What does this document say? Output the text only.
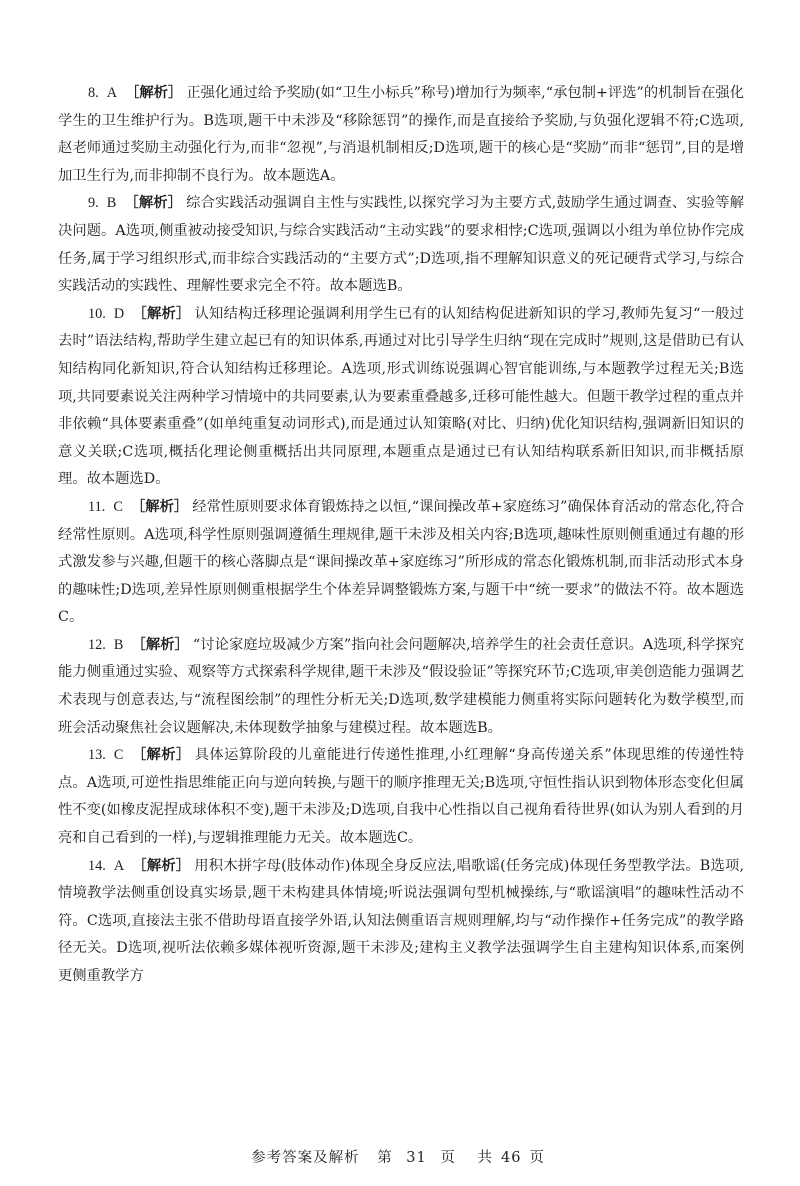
8. A ［解析］ 正强化通过给予奖励(如“卫生小标兵”称号)增加行为频率,“承包制+评选”的机制旨在强化学生的卫生维护行为。B选项,题干中未涉及“移除惩罚”的操作,而是直接给予奖励,与负强化逻辑不符;C选项,赵老师通过奖励主动强化行为,而非“忽视”,与消退机制相反;D选项,题干的核心是“奖励”而非“惩罚”,目的是增加卫生行为,而非抑制不良行为。故本题选A。

9. B ［解析］ 综合实践活动强调自主性与实践性,以探究学习为主要方式,鼓励学生通过调查、实验等解决问题。A选项,侧重被动接受知识,与综合实践活动“主动实践”的要求相悖;C选项,强调以小组为单位协作完成任务,属于学习组织形式,而非综合实践活动的“主要方式”;D选项,指不理解知识意义的死记硬背式学习,与综合实践活动的实践性、理解性要求完全不符。故本题选B。

10. D ［解析］ 认知结构迁移理论强调利用学生已有的认知结构促进新知识的学习,教师先复习“一般过去时”语法结构,帮助学生建立起已有的知识体系,再通过对比引导学生归纳“现在完成时”规则,这是借助已有认知结构同化新知识,符合认知结构迁移理论。A选项,形式训练说强调心智官能训练,与本题教学过程无关;B选项,共同要素说关注两种学习情境中的共同要素,认为要素重叠越多,迁移可能性越大。但题干教学过程的重点并非依赖“具体要素重叠”(如单纯重复动词形式),而是通过认知策略(对比、归纳)优化知识结构,强调新旧知识的意义关联;C选项,概括化理论侧重概括出共同原理,本题重点是通过已有认知结构联系新旧知识,而非概括原理。故本题选D。

11. C ［解析］ 经常性原则要求体育锻炼持之以恒,“课间操改革+家庭练习”确保体育活动的常态化,符合经常性原则。A选项,科学性原则强调遵循生理规律,题干未涉及相关内容;B选项,趣味性原则侧重通过有趣的形式激发参与兴趣,但题干的核心落脚点是“课间操改革+家庭练习”所形成的常态化锻炼机制,而非活动形式本身的趣味性;D选项,差异性原则侧重根据学生个体差异调整锻炼方案,与题干中“统一要求”的做法不符。故本题选C。

12. B ［解析］ “讨论家庭垃圾减少方案”指向社会问题解决,培养学生的社会责任意识。A选项,科学探究能力侧重通过实验、观察等方式探索科学规律,题干未涉及“假设验证”等探究环节;C选项,审美创造能力强调艺术表现与创意表达,与“流程图绘制”的理性分析无关;D选项,数学建模能力侧重将实际问题转化为数学模型,而班会活动聚焦社会议题解决,未体现数学抽象与建模过程。故本题选B。

13. C ［解析］ 具体运算阶段的儿童能进行传递性推理,小红理解“身高传递关系”体现思维的传递性特点。A选项,可逆性指思维能正向与逆向转换,与题干的顺序推理无关;B选项,守恒性指认识到物体形态变化但属性不变(如橡皮泥捏成球体积不变),题干未涉及;D选项,自我中心性指以自己视角看待世界(如认为别人看到的月亮和自己看到的一样),与逻辑推理能力无关。故本题选C。

14. A ［解析］ 用积木拼字母(肢体动作)体现全身反应法,唱歌谣(任务完成)体现任务型教学法。B选项,情境教学法侧重创设真实场景,题干未构建具体情境;听说法强调句型机械操练,与“歌谣演唱”的趣味性活动不符。C选项,直接法主张不借助母语直接学外语,认知法侧重语言规则理解,均与“动作操作+任务完成”的教学路径无关。D选项,视听法依赖多媒体视听资源,题干未涉及;建构主义教学法强调学生自主建构知识体系,而案例更侧重教学方

参考答案及解析 第 31 页 共 46 页
